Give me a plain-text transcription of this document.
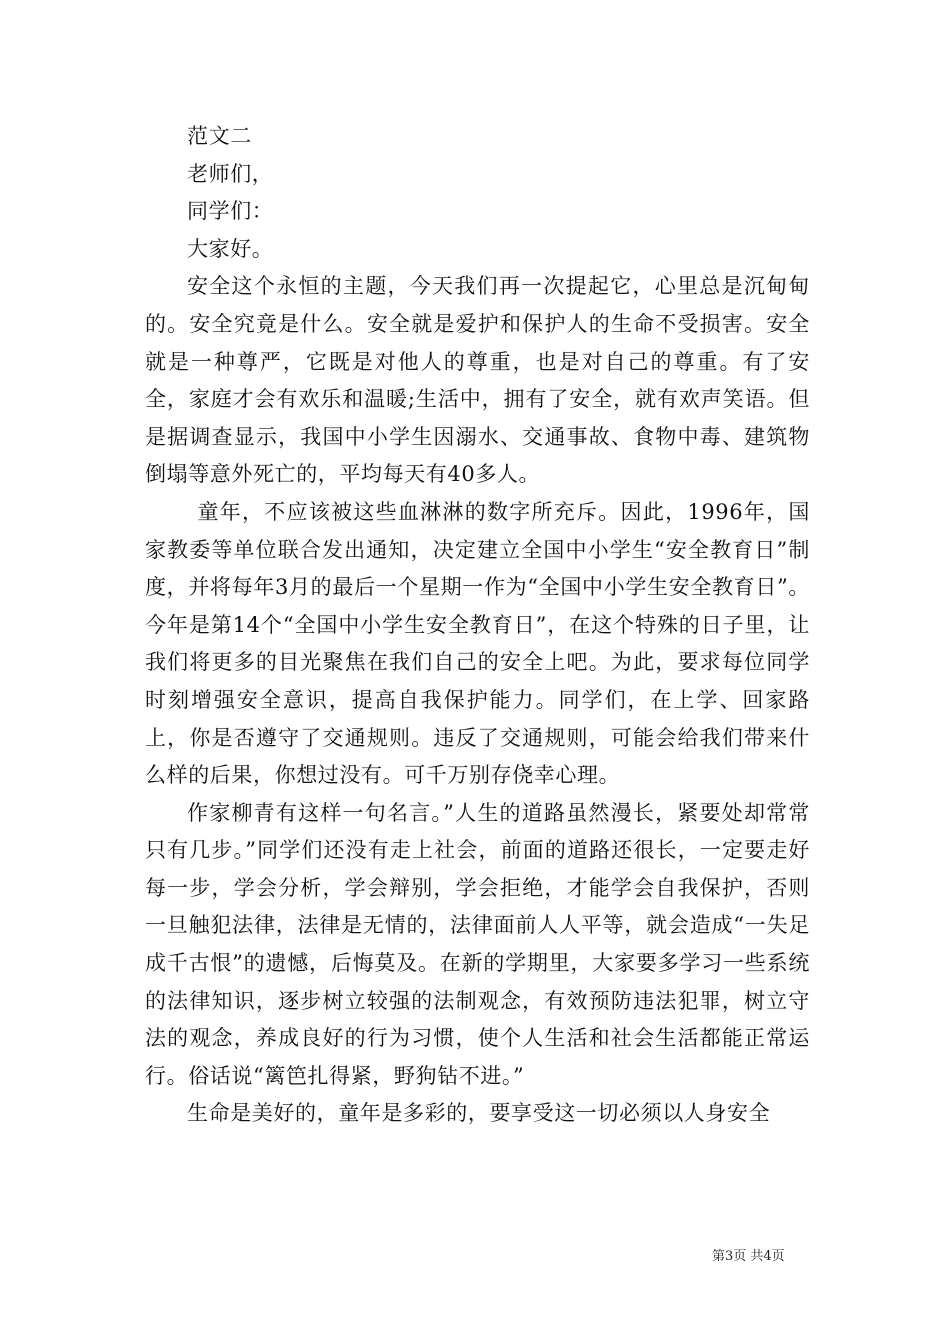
范文二

老师们，

同学们：

大家好。

安全这个永恒的主题，今天我们再一次提起它，心里总是沉甸甸的。安全究竟是什么。安全就是爱护和保护人的生命不受损害。安全就是一种尊严，它既是对他人的尊重，也是对自己的尊重。有了安全，家庭才会有欢乐和温暖;生活中，拥有了安全，就有欢声笑语。但是据调查显示，我国中小学生因溺水、交通事故、食物中毒、建筑物倒塌等意外死亡的，平均每天有40多人。

童年，不应该被这些血淋淋的数字所充斥。因此，1996年，国家教委等单位联合发出通知，决定建立全国中小学生“安全教育日”制度，并将每年3月的最后一个星期一作为“全国中小学生安全教育日”。今年是第14个“全国中小学生安全教育日”，在这个特殊的日子里，让我们将更多的目光聚焦在我们自己的安全上吧。为此，要求每位同学时刻增强安全意识，提高自我保护能力。同学们，在上学、回家路上，你是否遵守了交通规则。违反了交通规则，可能会给我们带来什么样的后果，你想过没有。可千万别存侥幸心理。

作家柳青有这样一句名言。”人生的道路虽然漫长，紧要处却常常只有几步。”同学们还没有走上社会，前面的道路还很长，一定要走好每一步，学会分析，学会辩别，学会拒绝，才能学会自我保护，否则一旦触犯法律，法律是无情的，法律面前人人平等，就会造成“一失足成千古恨”的遗憾，后悔莫及。在新的学期里，大家要多学习一些系统的法律知识，逐步树立较强的法制观念，有效预防违法犯罪，树立守法的观念，养成良好的行为习惯，使个人生活和社会生活都能正常运行。俗话说“篱笆扎得紧，野狗钻不进。”

生命是美好的，童年是多彩的，要享受这一切必须以人身安全

第3页 共4页
